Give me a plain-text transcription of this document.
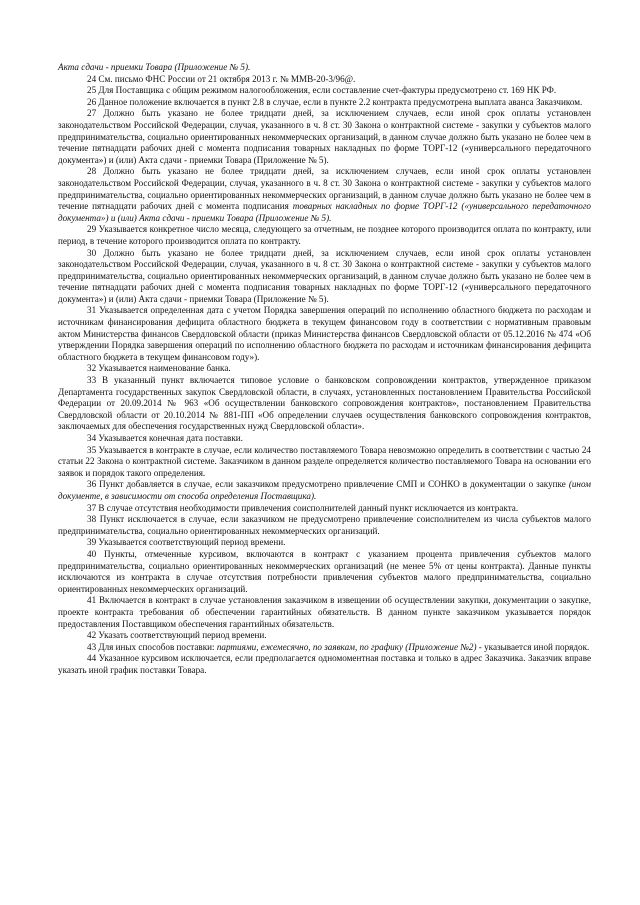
Акта сдачи - приемки Товара (Приложение № 5).

24 См. письмо ФНС России от 21 октября 2013 г. № ММВ-20-3/96@.

25 Для Поставщика с общим режимом налогообложения, если составление счет-фактуры предусмотрено ст. 169 НК РФ.

26 Данное положение включается в пункт 2.8 в случае, если в пункте 2.2 контракта предусмотрена выплата аванса Заказчиком.

27 Должно быть указано не более тридцати дней, за исключением случаев, если иной срок оплаты установлен законодательством Российской Федерации, случая, указанного в ч. 8 ст. 30 Закона о контрактной системе - закупки у субъектов малого предпринимательства, социально ориентированных некоммерческих организаций, в данном случае должно быть указано не более чем в течение пятнадцати рабочих дней с момента подписания товарных накладных по форме ТОРГ-12 («универсального передаточного документа») и (или) Акта сдачи - приемки Товара (Приложение № 5).

28 Должно быть указано не более тридцати дней, за исключением случаев, если иной срок оплаты установлен законодательством Российской Федерации, случая, указанного в ч. 8 ст. 30 Закона о контрактной системе - закупки у субъектов малого предпринимательства, социально ориентированных некоммерческих организаций, в данном случае должно быть указано не более чем в течение пятнадцати рабочих дней с момента подписания товарных накладных по форме ТОРГ-12 («универсального передаточного документа») и (или) Акта сдачи - приемки Товара (Приложение № 5).

29 Указывается конкретное число месяца, следующего за отчетным, не позднее которого производится оплата по контракту, или период, в течение которого производится оплата по контракту.

30 Должно быть указано не более тридцати дней, за исключением случаев, если иной срок оплаты установлен законодательством Российской Федерации, случая, указанного в ч. 8 ст. 30 Закона о контрактной системе - закупки у субъектов малого предпринимательства, социально ориентированных некоммерческих организаций, в данном случае должно быть указано не более чем в течение пятнадцати рабочих дней с момента подписания товарных накладных по форме ТОРГ-12 («универсального передаточного документа») и (или) Акта сдачи - приемки Товара (Приложение № 5).

31 Указывается определенная дата с учетом Порядка завершения операций по исполнению областного бюджета по расходам и источникам финансирования дефицита областного бюджета в текущем финансовом году в соответствии с нормативным правовым актом Министерства финансов Свердловской области (приказ Министерства финансов Свердловской области от 05.12.2016 № 474 «Об утверждении Порядка завершения операций по исполнению областного бюджета по расходам и источникам финансирования дефицита областного бюджета в текущем финансовом году»).

32 Указывается наименование банка.

33 В указанный пункт включается типовое условие о банковском сопровождении контрактов, утвержденное приказом Департамента государственных закупок Свердловской области, в случаях, установленных постановлением Правительства Российской Федерации от 20.09.2014 № 963 «Об осуществлении банковского сопровождения контрактов», постановлением Правительства Свердловской области от 20.10.2014 № 881-ПП «Об определении случаев осуществления банковского сопровождения контрактов, заключаемых для обеспечения государственных нужд Свердловской области».

34 Указывается конечная дата поставки.

35 Указывается в контракте в случае, если количество поставляемого Товара невозможно определить в соответствии с частью 24 статьи 22 Закона о контрактной системе. Заказчиком в данном разделе определяется количество поставляемого Товара на основании его заявок и порядок такого определения.

36 Пункт добавляется в случае, если заказчиком предусмотрено привлечение СМП и СОНКО в документации о закупке (ином документе, в зависимости от способа определения Поставщика).

37 В случае отсутствия необходимости привлечения соисполнителей данный пункт исключается из контракта.

38 Пункт исключается в случае, если заказчиком не предусмотрено привлечение соисполнителем из числа субъектов малого предпринимательства, социально ориентированных некоммерческих организаций.

39 Указывается соответствующий период времени.

40 Пункты, отмеченные курсивом, включаются в контракт с указанием процента привлечения субъектов малого предпринимательства, социально ориентированных некоммерческих организаций (не менее 5% от цены контракта). Данные пункты исключаются из контракта в случае отсутствия потребности привлечения субъектов малого предпринимательства, социально ориентированных некоммерческих организаций.

41 Включается в контракт в случае установления заказчиком в извещении об осуществлении закупки, документации о закупке, проекте контракта требования об обеспечении гарантийных обязательств. В данном пункте заказчиком указывается порядок предоставления Поставщиком обеспечения гарантийных обязательств.

42 Указать соответствующий период времени.

43 Для иных способов поставки: партиями, ежемесячно, по заявкам, по графику (Приложение №2) - указывается иной порядок.

44 Указанное курсивом исключается, если предполагается одномоментная поставка и только в адрес Заказчика. Заказчик вправе указать иной график поставки Товара.
